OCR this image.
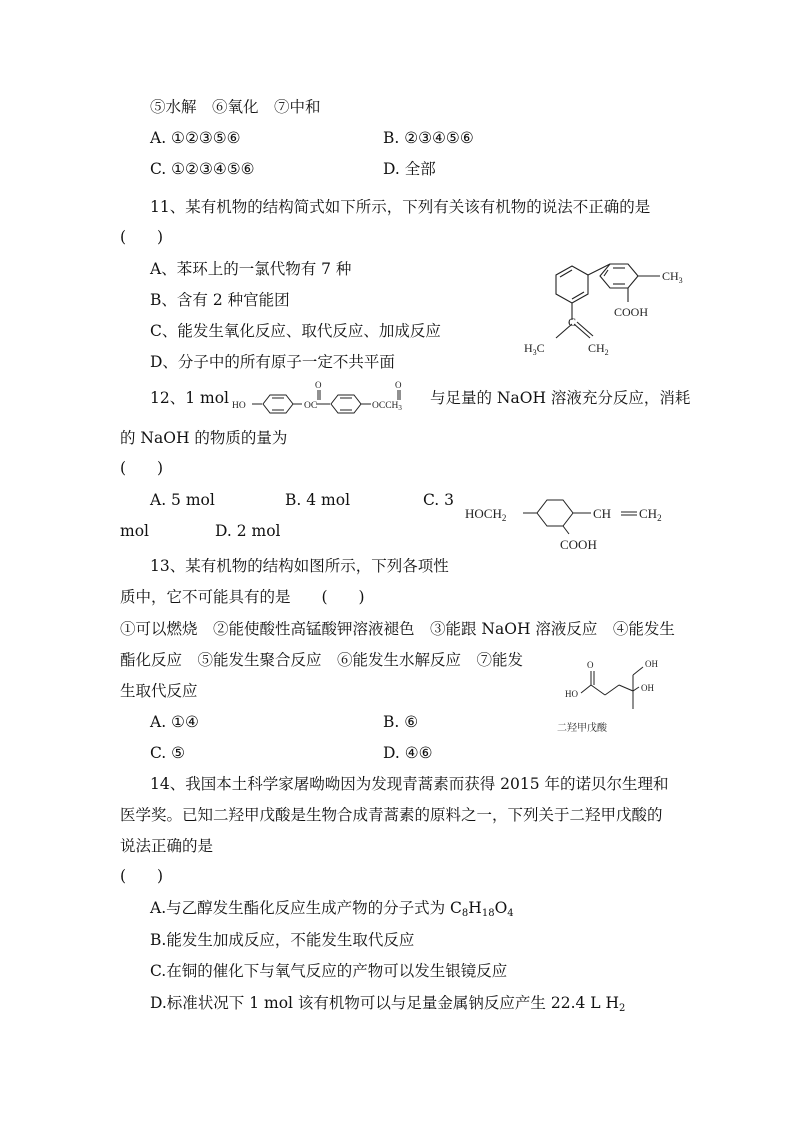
⑤水解　⑥氧化　⑦中和
A. ①②③⑤⑥	B. ②③④⑤⑥
C. ①②③④⑤⑥	D. 全部
11、某有机物的结构简式如下所示，下列有关该有机物的说法不正确的是
(　　)
A、苯环上的一氯代物有 7 种
B、含有 2 种官能团
C、能发生氧化反应、取代反应、加成反应
D、分子中的所有原子一定不共平面
$CH_3$
COOH
$H_3C$
C
$CH_2$
12、1 mol HO
O
OC
O
$OCCH_3$
与足量的 NaOH 溶液充分反应，消耗
的 NaOH 的物质的量为
(　　)
A. 5 mol	B. 4 mol	C. 3
mol	D. 2 mol
$HOCH_2$	CH $CH_2$
COOH
13、某有机物的结构如图所示，下列各项性
质中，它不可能具有的是　　(　　)
①可以燃烧　②能使酸性高锰酸钾溶液褪色　③能跟 NaOH 溶液反应　④能发生
酯化反应　⑤能发生聚合反应　⑥能发生水解反应　⑦能发
生取代反应
A. ①④	B. ⑥
C. ⑤	D. ④⑥
O
HO
OH
OH
二羟甲戊酸
14、我国本土科学家屠呦呦因为发现青蒿素而获得 2015 年的诺贝尔生理和
医学奖。已知二羟甲戊酸是生物合成青蒿素的原料之一，下列关于二羟甲戊酸的
说法正确的是
(　　)
A.与乙醇发生酯化反应生成产物的分子式为 $C_8H_{18}O_4$
B.能发生加成反应，不能发生取代反应
C.在铜的催化下与氧气反应的产物可以发生银镜反应
D.标准状况下 1 mol 该有机物可以与足量金属钠反应产生 22.4 L $H_2$
